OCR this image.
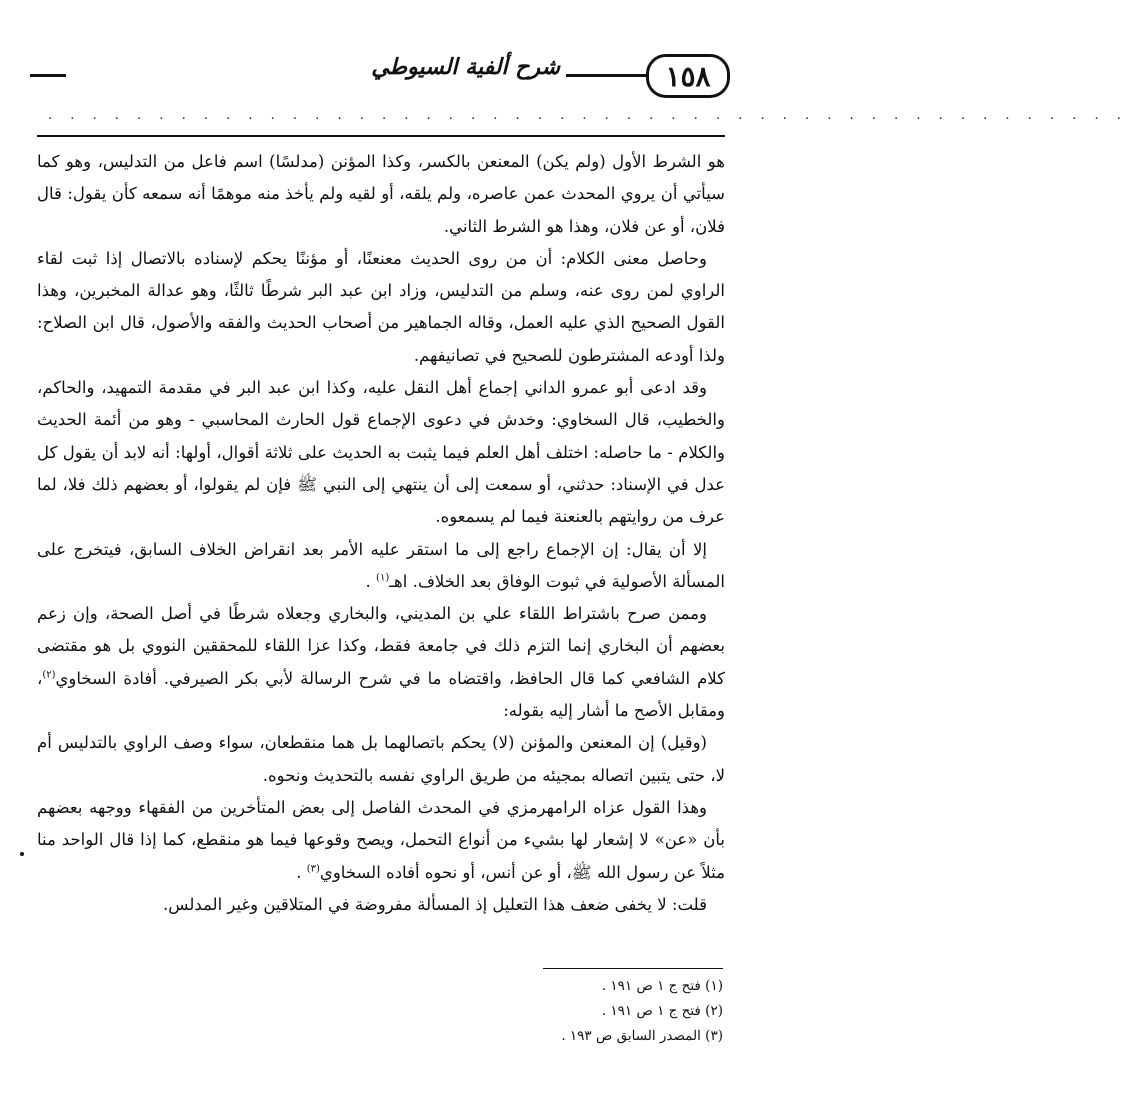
١٥٨
شرح ألفية السيوطي
. . . . . . . . . . . . . . . . . . . . . . . . . . . . . . . . . . . . . . . . . . . . . . . . .

هو الشرط الأول (ولم يكن) المعنعن بالكسر، وكذا المؤنن (مدلسًا) اسم فاعل من التدليس، وهو كما سيأتي أن يروي المحدث عمن عاصره، ولم يلقه، أو لقيه ولم يأخذ منه موهمًا أنه سمعه كأن يقول: قال فلان، أو عن فلان، وهذا هو الشرط الثاني.

وحاصل معنى الكلام: أن من روى الحديث معنعنًا، أو مؤننًا يحكم لإسناده بالاتصال إذا ثبت لقاء الراوي لمن روى عنه، وسلم من التدليس، وزاد ابن عبد البر شرطًا ثالثًا، وهو عدالة المخبرين، وهذا القول الصحيح الذي عليه العمل، وقاله الجماهير من أصحاب الحديث والفقه والأصول، قال ابن الصلاح: ولذا أودعه المشترطون للصحيح في تصانيفهم.

وقد ادعى أبو عمرو الداني إجماع أهل النقل عليه، وكذا ابن عبد البر في مقدمة التمهيد، والحاكم، والخطيب، قال السخاوي: وخدش في دعوى الإجماع قول الحارث المحاسبي - وهو من أئمة الحديث والكلام - ما حاصله: اختلف أهل العلم فيما يثبت به الحديث على ثلاثة أقوال، أولها: أنه لابد أن يقول كل عدل في الإسناد: حدثني، أو سمعت إلى أن ينتهي إلى النبي ﷺ فإن لم يقولوا، أو بعضهم ذلك فلا، لما عرف من روايتهم بالعنعنة فيما لم يسمعوه.

إلا أن يقال: إن الإجماع راجع إلى ما استقر عليه الأمر بعد انقراض الخلاف السابق، فيتخرج على المسألة الأصولية في ثبوت الوفاق بعد الخلاف. اهـ$^{(١)}$ .

وممن صرح باشتراط اللقاء علي بن المديني، والبخاري وجعلاه شرطًا في أصل الصحة، وإن زعم بعضهم أن البخاري إنما التزم ذلك في جامعة فقط، وكذا عزا اللقاء للمحققين النووي بل هو مقتضى كلام الشافعي كما قال الحافظ، واقتضاه ما في شرح الرسالة لأبي بكر الصيرفي. أفادة السخاوي$^{(٢)}$، ومقابل الأصح ما أشار إليه بقوله:

(وقيل) إن المعنعن والمؤنن (لا) يحكم باتصالهما بل هما منقطعان، سواء وصف الراوي بالتدليس أم لا، حتى يتبين اتصاله بمجيئه من طريق الراوي نفسه بالتحديث ونحوه.

وهذا القول عزاه الرامهرمزي في المحدث الفاصل إلى بعض المتأخرين من الفقهاء ووجهه بعضهم بأن «عن» لا إشعار لها بشيء من أنواع التحمل، ويصح وقوعها فيما هو منقطع، كما إذا قال الواحد منا مثلاً عن رسول الله ﷺ، أو عن أنس، أو نحوه أفاده السخاوي$^{(٣)}$ .

قلت: لا يخفى ضعف هذا التعليل إذ المسألة مفروضة في المتلاقين وغير المدلس.

(١) فتح ج ١ ص ١٩١ .
(٢) فتح ج ١ ص ١٩١ .
(٣) المصدر السابق ص ١٩٣ .
